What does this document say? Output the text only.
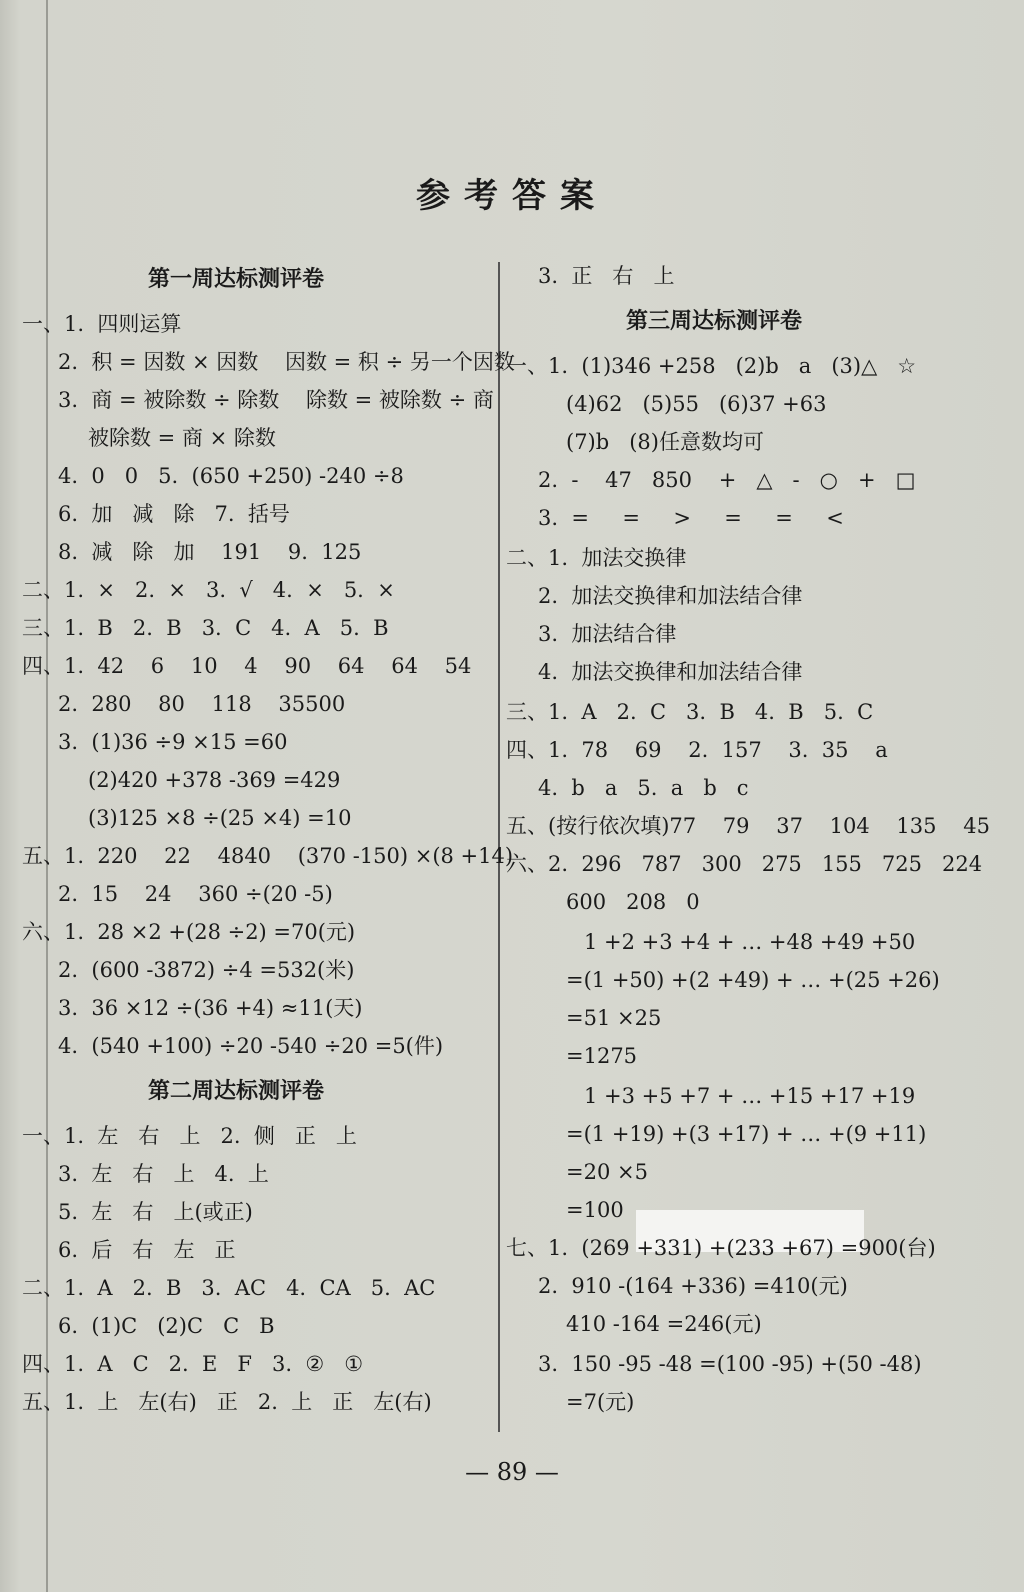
参考答案
第一周达标测评卷
一、1.  四则运算
2.  积 = 因数 × 因数    因数 = 积 ÷ 另一个因数
3.  商 = 被除数 ÷ 除数    除数 = 被除数 ÷ 商
被除数 = 商 × 除数
4.  0   0   5.  (650 +250) -240 ÷8
6.  加   减   除   7.  括号
8.  减   除   加    191    9.  125
二、1.  ×   2.  ×   3.  √   4.  ×   5.  ×
三、1.  B   2.  B   3.  C   4.  A   5.  B
四、1.  42    6    10    4    90    64    64    54
2.  280    80    118    35500
3.  (1)36 ÷9 ×15 =60
(2)420 +378 -369 =429
(3)125 ×8 ÷(25 ×4) =10
五、1.  220    22    4840    (370 -150) ×(8 +14)
2.  15    24    360 ÷(20 -5)
六、1.  28 ×2 +(28 ÷2) =70(元)
2.  (600 -3872) ÷4 =532(米)
3.  36 ×12 ÷(36 +4) ≈11(天)
4.  (540 +100) ÷20 -540 ÷20 =5(件)
第二周达标测评卷
一、1.  左   右   上   2.  侧   正   上
3.  左   右   上   4.  上
5.  左   右   上(或正)
6.  后   右   左   正
二、1.  A   2.  B   3.  AC   4.  CA   5.  AC
6.  (1)C   (2)C   C   B
四、1.  A   C   2.  E   F   3.  ②   ①
五、1.  上   左(右)   正   2.  上   正   左(右)
3.  正   右   上
第三周达标测评卷
一、1.  (1)346 +258   (2)b   a   (3)△   ☆
(4)62   (5)55   (6)37 +63
(7)b   (8)任意数均可
2.  -    47   850    +   △   -   ○   +   □
3.  =     =     >     =     =     <
二、1.  加法交换律
2.  加法交换律和加法结合律
3.  加法结合律
4.  加法交换律和加法结合律
三、1.  A   2.  C   3.  B   4.  B   5.  C
四、1.  78    69    2.  157    3.  35    a
4.  b   a   5.  a   b   c
五、(按行依次填)77    79    37    104    135    45
六、2.  296   787   300   275   155   725   224
600   208   0
1 +2 +3 +4 + … +48 +49 +50
=(1 +50) +(2 +49) + … +(25 +26)
=51 ×25
=1275
1 +3 +5 +7 + … +15 +17 +19
=(1 +19) +(3 +17) + … +(9 +11)
=20 ×5
=100
七、1.  (269 +331) +(233 +67) =900(台)
2.  910 -(164 +336) =410(元)
410 -164 =246(元)
3.  150 -95 -48 =(100 -95) +(50 -48)
=7(元)
— 89 —
